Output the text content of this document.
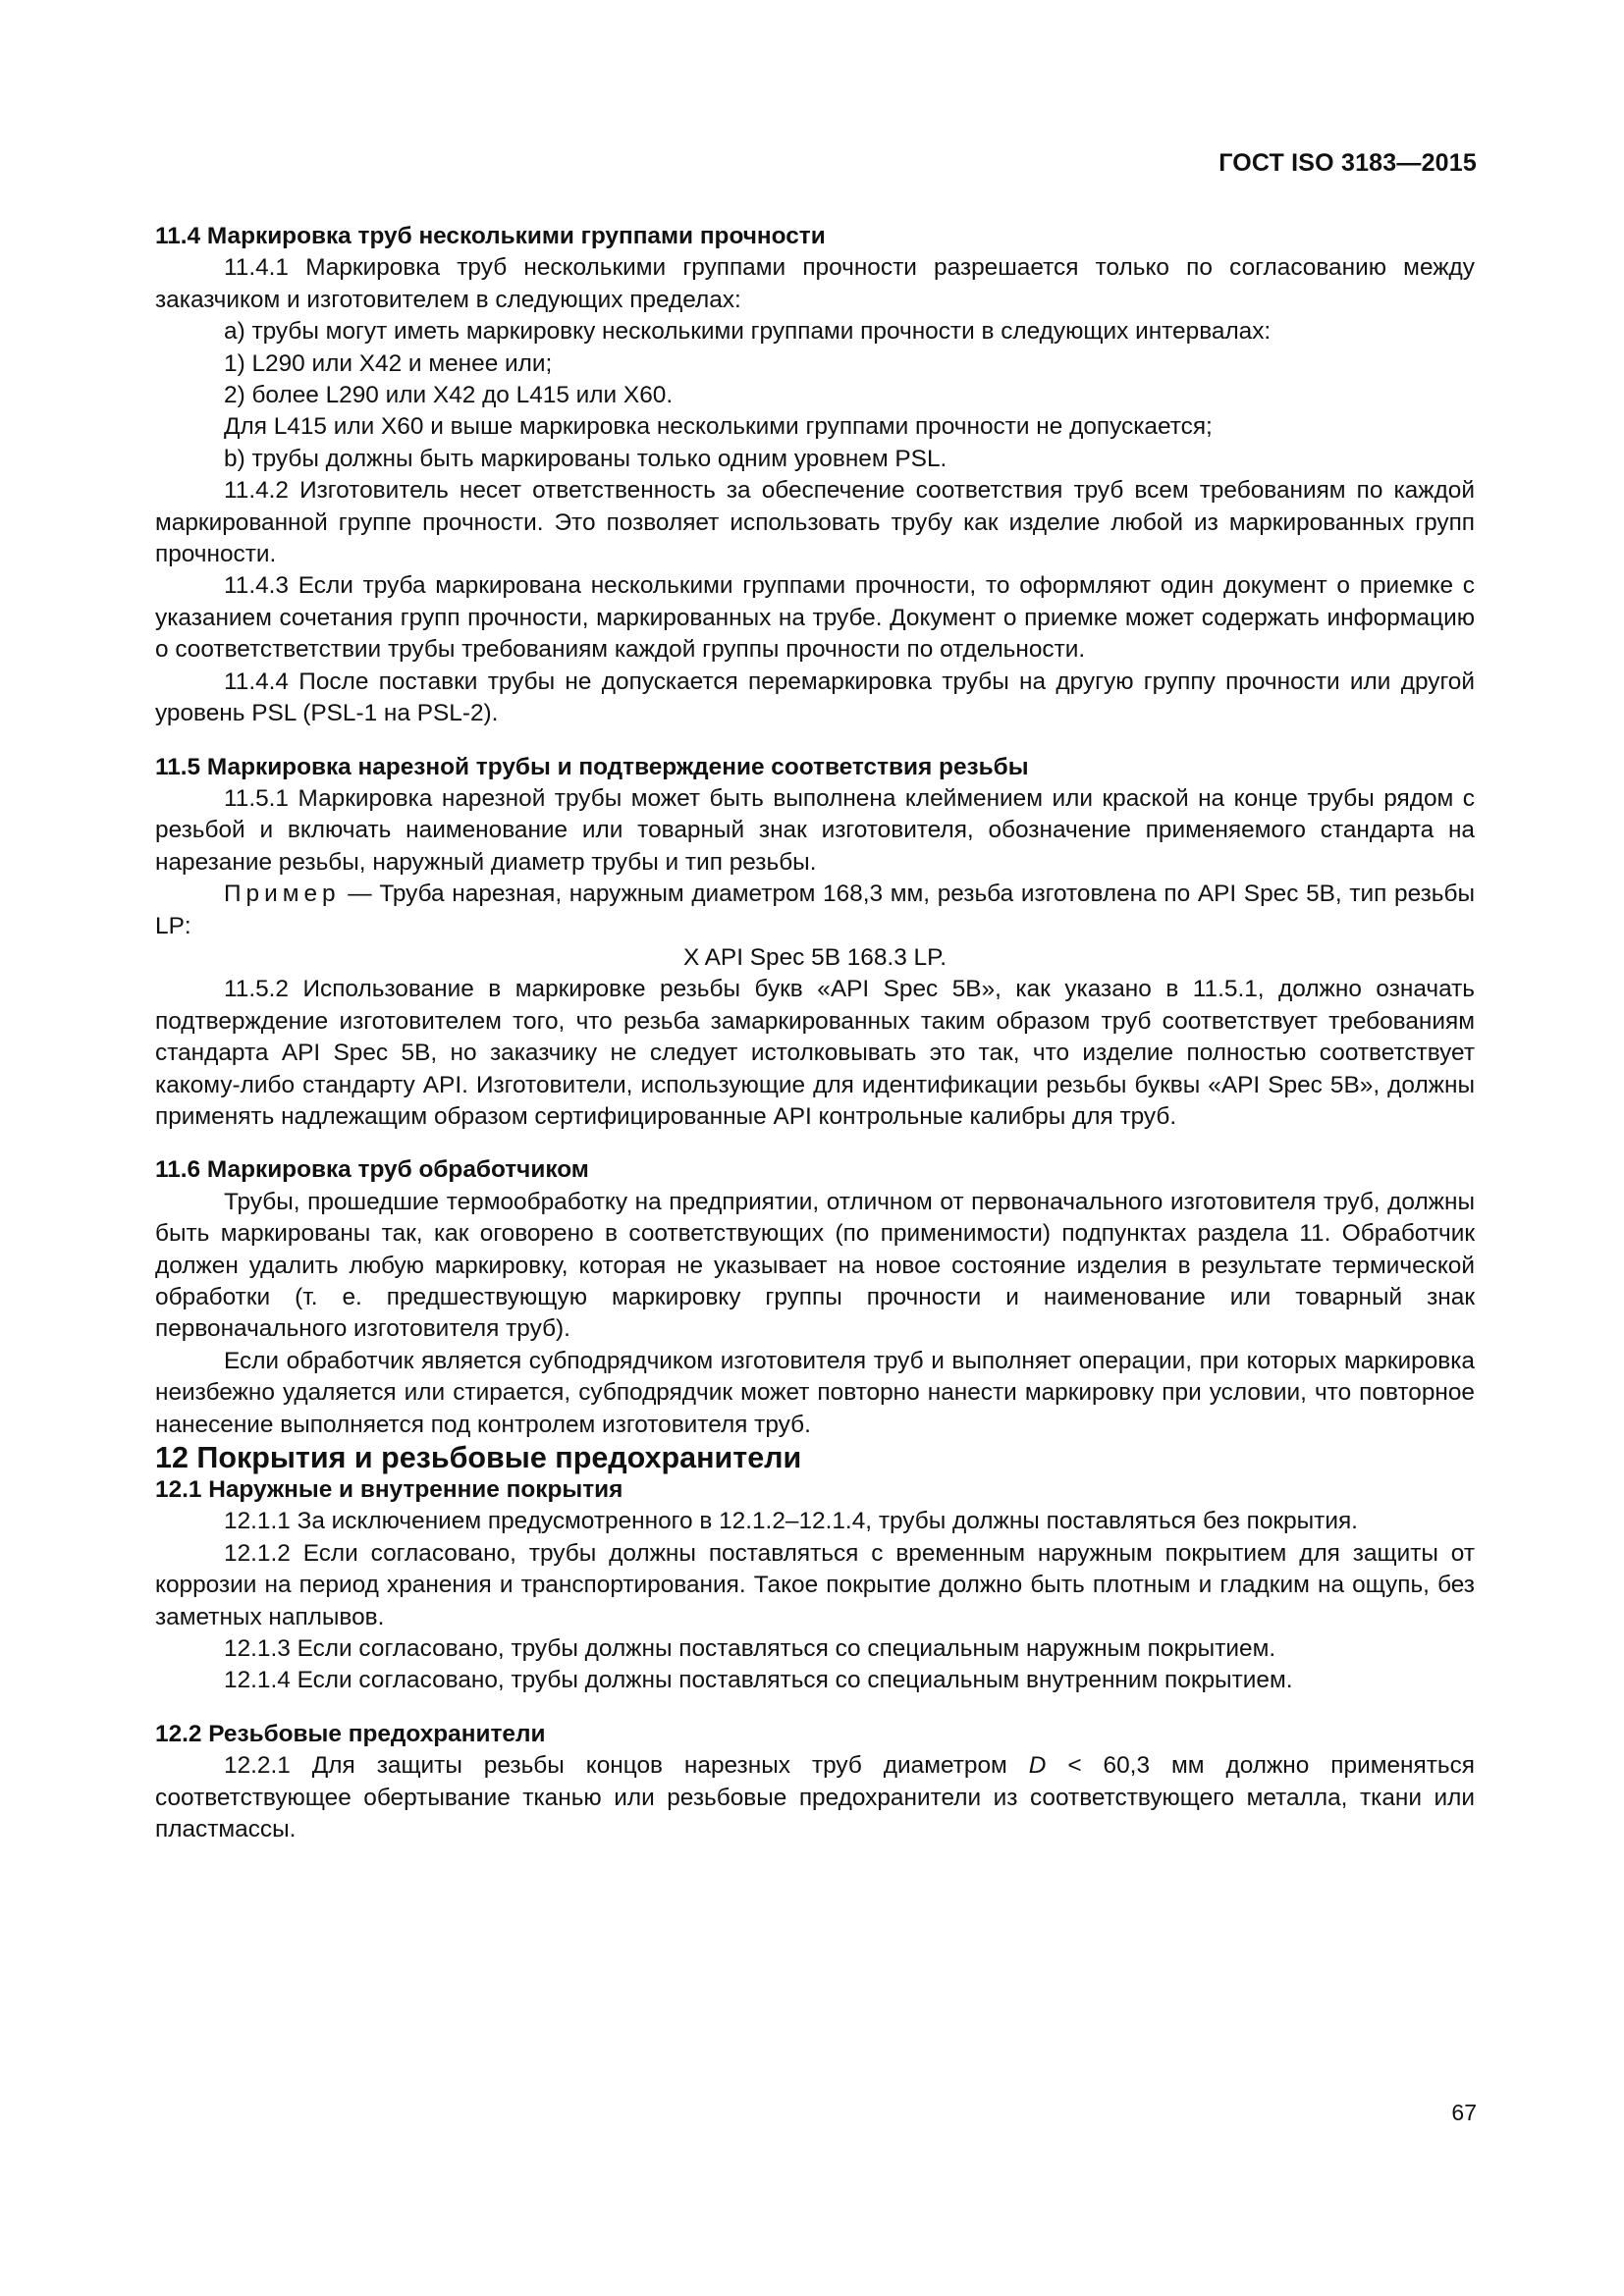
ГОСТ ISO 3183—2015

11.4 Маркировка труб несколькими группами прочности

11.4.1 Маркировка труб несколькими группами прочности разрешается только по согласованию между заказчиком и изготовителем в следующих пределах:

а) трубы могут иметь маркировку несколькими группами прочности в следующих интервалах:

1) L290 или X42 и менее или;

2) более L290 или X42 до L415 или X60.

Для L415 или X60 и выше маркировка несколькими группами прочности не допускается;

b) трубы должны быть маркированы только одним уровнем PSL.

11.4.2 Изготовитель несет ответственность за обеспечение соответствия труб всем требованиям по каждой маркированной группе прочности. Это позволяет использовать трубу как изделие любой из маркированных групп прочности.

11.4.3 Если труба маркирована несколькими группами прочности, то оформляют один документ о приемке с указанием сочетания групп прочности, маркированных на трубе. Документ о приемке может содержать информацию о соответстветствии трубы требованиям каждой группы прочности по отдельности.

11.4.4 После поставки трубы не допускается перемаркировка трубы на другую группу прочности или другой уровень PSL (PSL-1 на PSL-2).

11.5 Маркировка нарезной трубы и подтверждение соответствия резьбы

11.5.1 Маркировка нарезной трубы может быть выполнена клеймением или краской на конце трубы рядом с резьбой и включать наименование или товарный знак изготовителя, обозначение применяемого стандарта на нарезание резьбы, наружный диаметр трубы и тип резьбы.

Пример — Труба нарезная, наружным диаметром 168,3 мм, резьба изготовлена по API Spec 5B, тип резьбы LP:

X API Spec 5B 168.3 LP.

11.5.2 Использование в маркировке резьбы букв «API Spec 5B», как указано в 11.5.1, должно означать подтверждение изготовителем того, что резьба замаркированных таким образом труб соответствует требованиям стандарта API Spec 5B, но заказчику не следует истолковывать это так, что изделие полностью соответствует какому-либо стандарту API. Изготовители, использующие для идентификации резьбы буквы «API Spec 5B», должны применять надлежащим образом сертифицированные API контрольные калибры для труб.

11.6 Маркировка труб обработчиком

Трубы, прошедшие термообработку на предприятии, отличном от первоначального изготовителя труб, должны быть маркированы так, как оговорено в соответствующих (по применимости) подпунктах раздела 11. Обработчик должен удалить любую маркировку, которая не указывает на новое состояние изделия в результате термической обработки (т. е. предшествующую маркировку группы прочности и наименование или товарный знак первоначального изготовителя труб).

Если обработчик является субподрядчиком изготовителя труб и выполняет операции, при которых маркировка неизбежно удаляется или стирается, субподрядчик может повторно нанести маркировку при условии, что повторное нанесение выполняется под контролем изготовителя труб.

12 Покрытия и резьбовые предохранители

12.1 Наружные и внутренние покрытия

12.1.1 За исключением предусмотренного в 12.1.2–12.1.4, трубы должны поставляться без покрытия.

12.1.2 Если согласовано, трубы должны поставляться с временным наружным покрытием для защиты от коррозии на период хранения и транспортирования. Такое покрытие должно быть плотным и гладким на ощупь, без заметных наплывов.

12.1.3 Если согласовано, трубы должны поставляться со специальным наружным покрытием.

12.1.4 Если согласовано, трубы должны поставляться со специальным внутренним покрытием.

12.2 Резьбовые предохранители

12.2.1 Для защиты резьбы концов нарезных труб диаметром D < 60,3 мм должно применяться соответствующее обертывание тканью или резьбовые предохранители из соответствующего металла, ткани или пластмассы.

67
